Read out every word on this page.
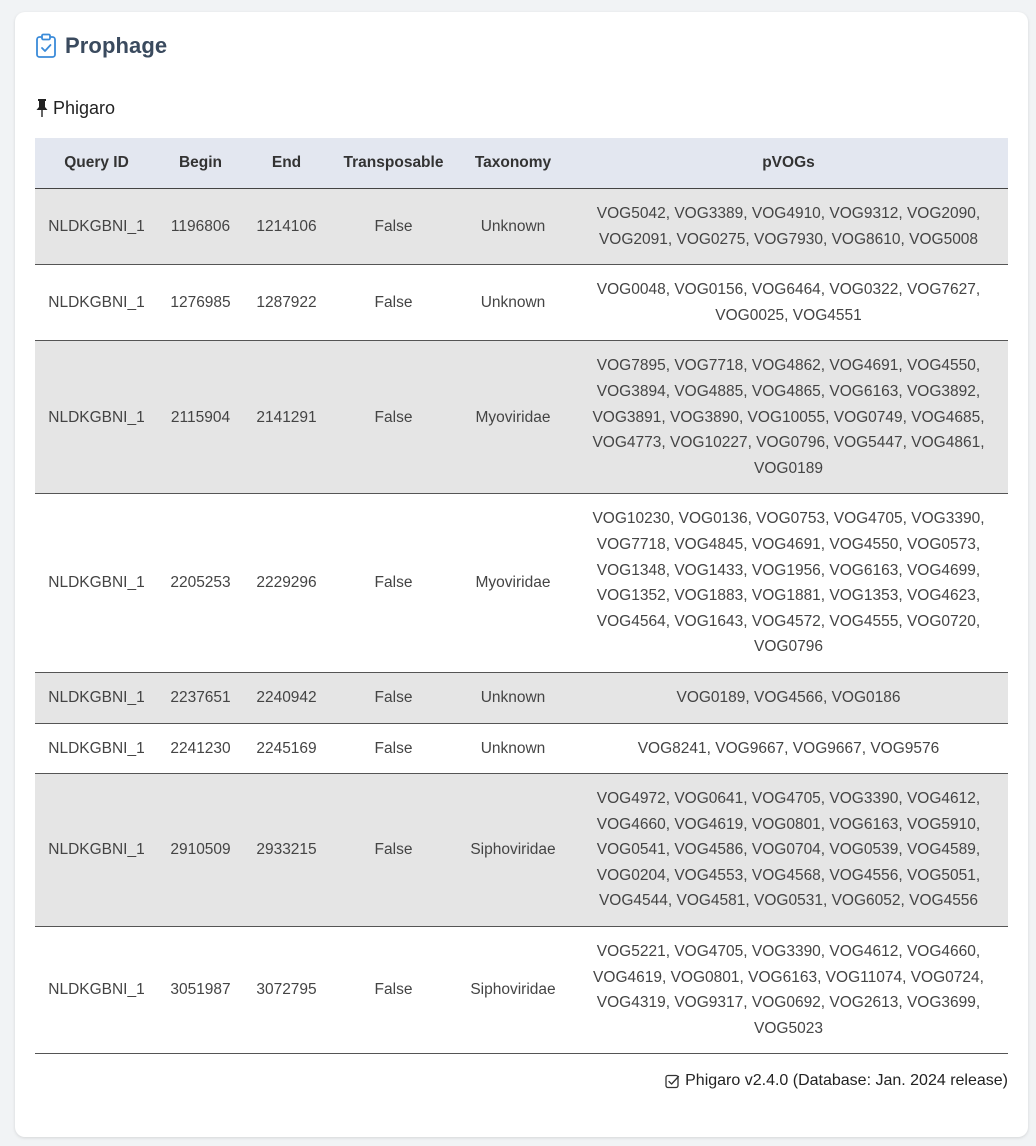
Prophage
Phigaro
Query ID	Begin	End	Transposable	Taxonomy	pVOGs
NLDKGBNI_1	1196806	1214106	False	Unknown	VOG5042, VOG3389, VOG4910, VOG9312, VOG2090, VOG2091, VOG0275, VOG7930, VOG8610, VOG5008
NLDKGBNI_1	1276985	1287922	False	Unknown	VOG0048, VOG0156, VOG6464, VOG0322, VOG7627, VOG0025, VOG4551
NLDKGBNI_1	2115904	2141291	False	Myoviridae	VOG7895, VOG7718, VOG4862, VOG4691, VOG4550, VOG3894, VOG4885, VOG4865, VOG6163, VOG3892, VOG3891, VOG3890, VOG10055, VOG0749, VOG4685, VOG4773, VOG10227, VOG0796, VOG5447, VOG4861, VOG0189
NLDKGBNI_1	2205253	2229296	False	Myoviridae	VOG10230, VOG0136, VOG0753, VOG4705, VOG3390, VOG7718, VOG4845, VOG4691, VOG4550, VOG0573, VOG1348, VOG1433, VOG1956, VOG6163, VOG4699, VOG1352, VOG1883, VOG1881, VOG1353, VOG4623, VOG4564, VOG1643, VOG4572, VOG4555, VOG0720, VOG0796
NLDKGBNI_1	2237651	2240942	False	Unknown	VOG0189, VOG4566, VOG0186
NLDKGBNI_1	2241230	2245169	False	Unknown	VOG8241, VOG9667, VOG9667, VOG9576
NLDKGBNI_1	2910509	2933215	False	Siphoviridae	VOG4972, VOG0641, VOG4705, VOG3390, VOG4612, VOG4660, VOG4619, VOG0801, VOG6163, VOG5910, VOG0541, VOG4586, VOG0704, VOG0539, VOG4589, VOG0204, VOG4553, VOG4568, VOG4556, VOG5051, VOG4544, VOG4581, VOG0531, VOG6052, VOG4556
NLDKGBNI_1	3051987	3072795	False	Siphoviridae	VOG5221, VOG4705, VOG3390, VOG4612, VOG4660, VOG4619, VOG0801, VOG6163, VOG11074, VOG0724, VOG4319, VOG9317, VOG0692, VOG2613, VOG3699, VOG5023
Phigaro v2.4.0 (Database: Jan. 2024 release)
